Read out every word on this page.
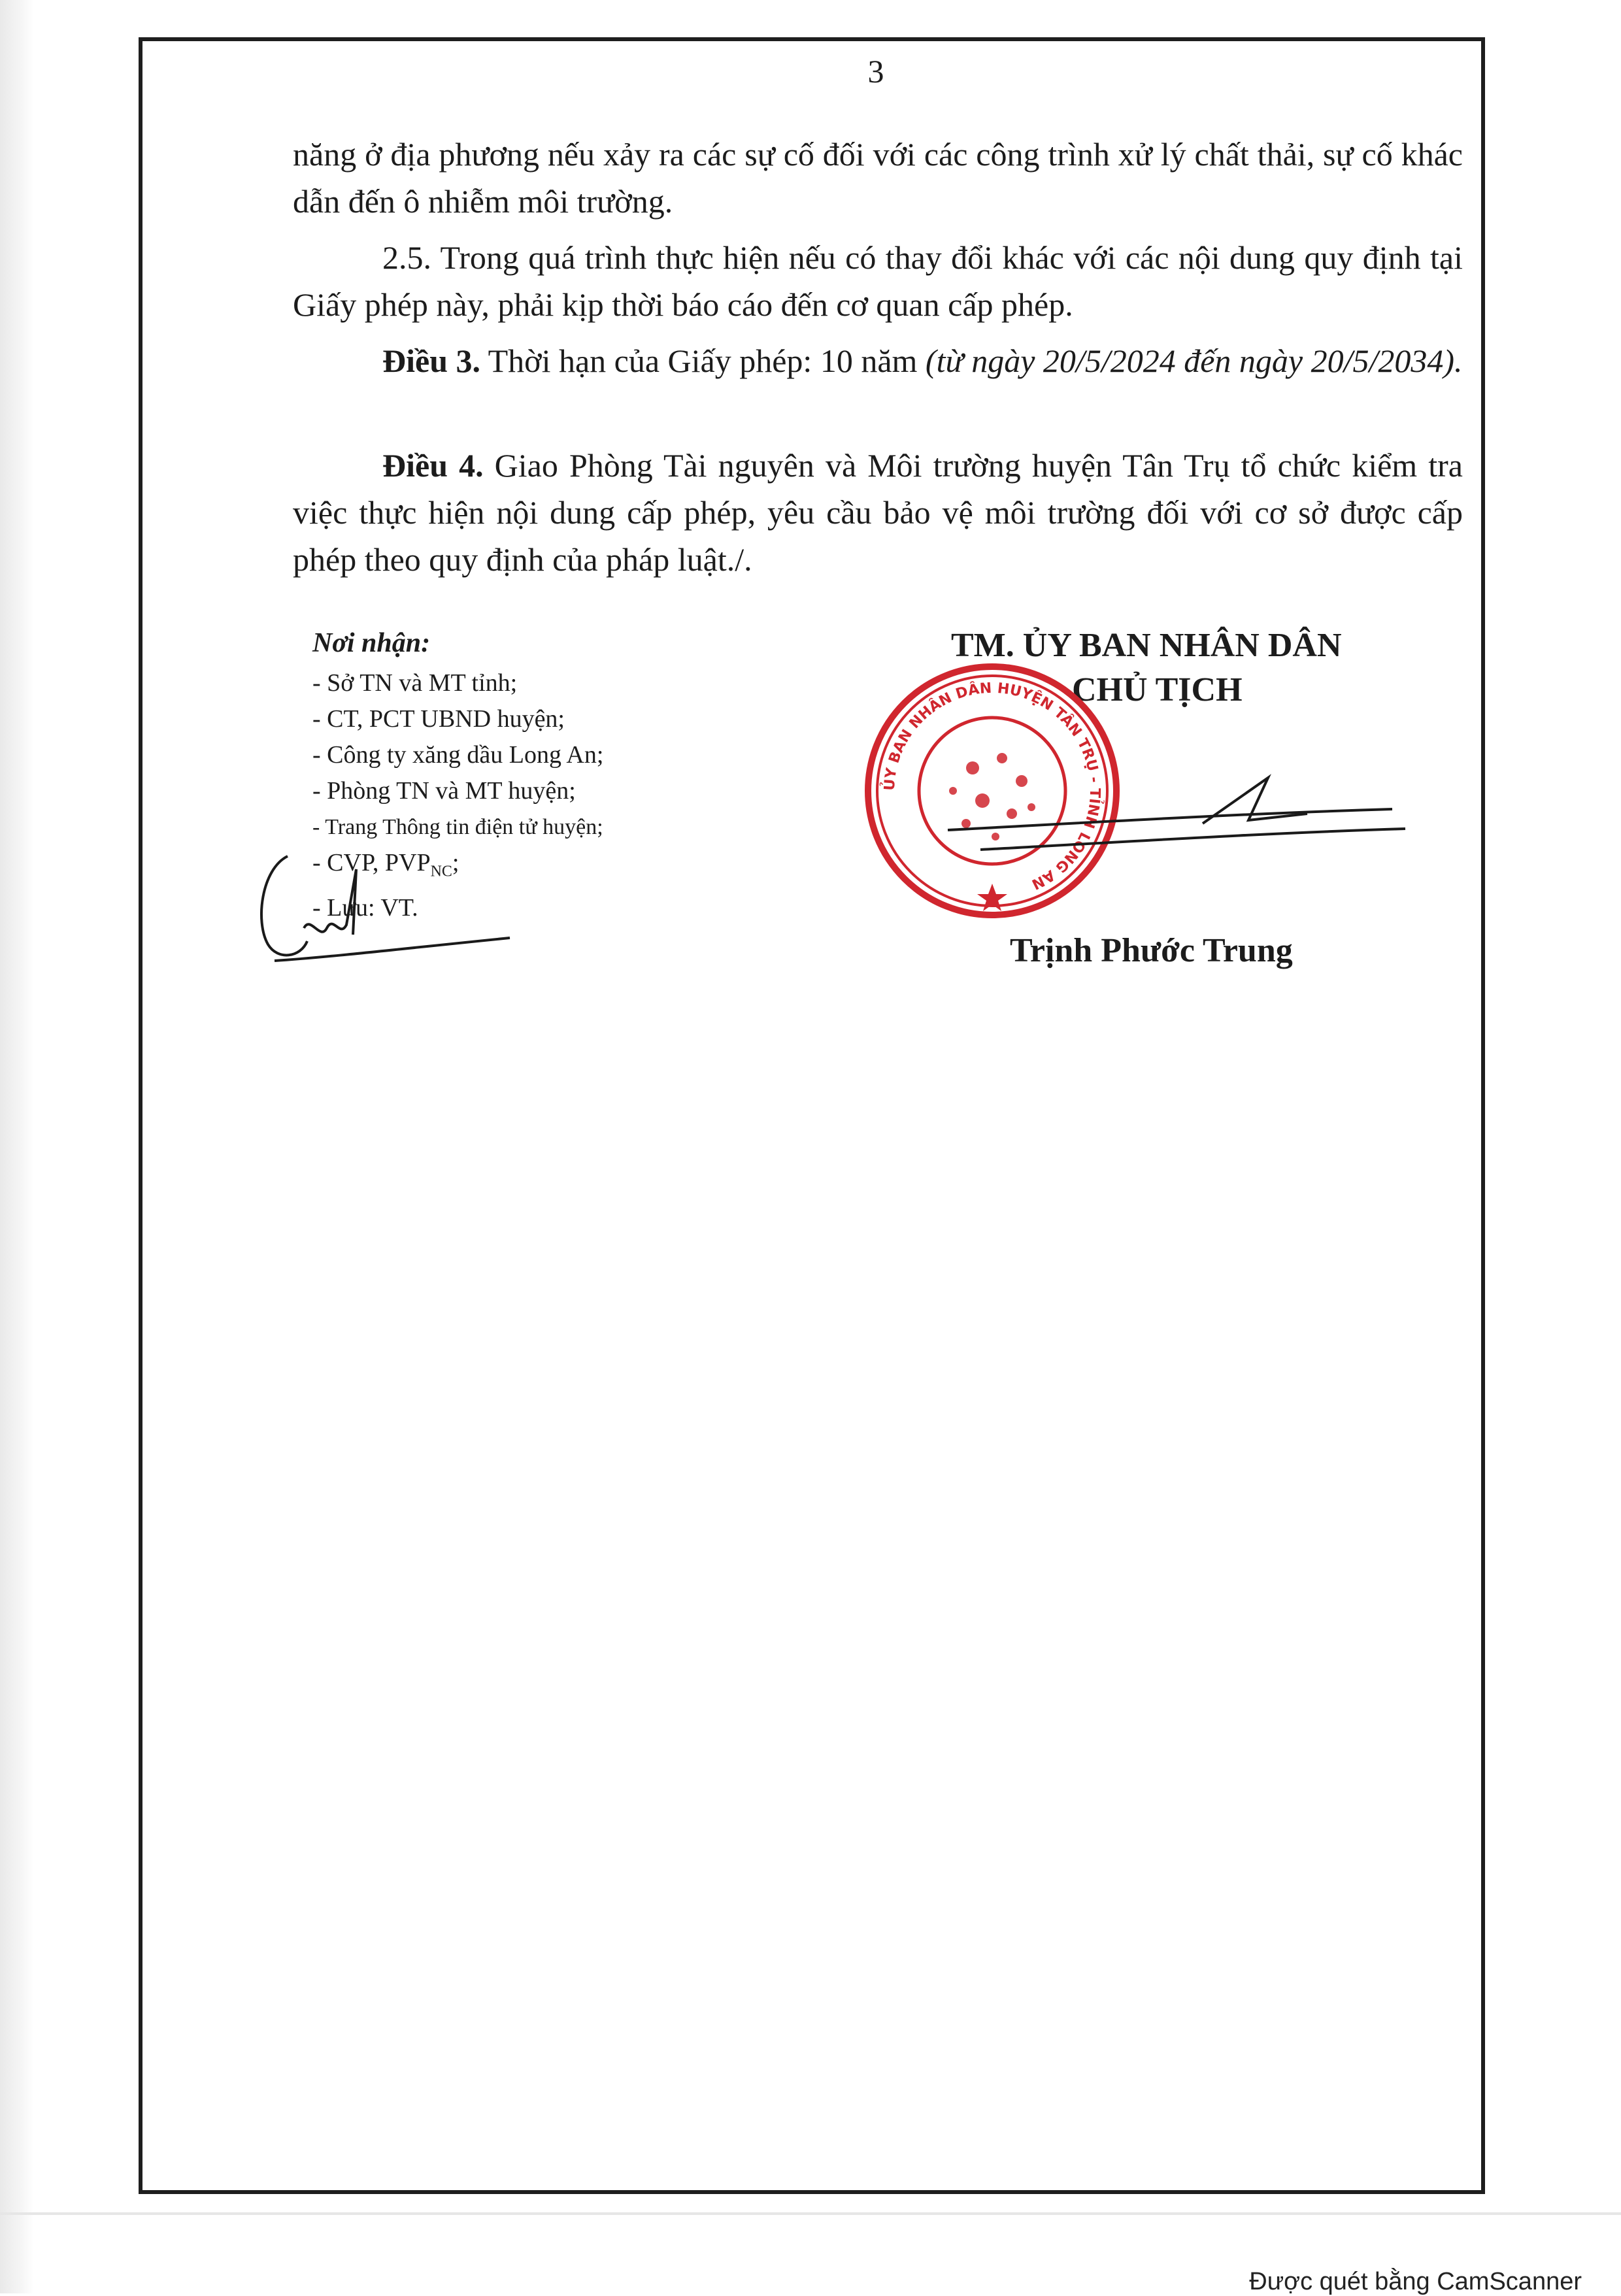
3
năng ở địa phương nếu xảy ra các sự cố đối với các công trình xử lý chất thải, sự cố khác dẫn đến ô nhiễm môi trường.
2.5. Trong quá trình thực hiện nếu có thay đổi khác với các nội dung quy định tại Giấy phép này, phải kịp thời báo cáo đến cơ quan cấp phép.
Điều 3. Thời hạn của Giấy phép: 10 năm (từ ngày 20/5/2024 đến ngày 20/5/2034).
Điều 4. Giao Phòng Tài nguyên và Môi trường huyện Tân Trụ tổ chức kiểm tra việc thực hiện nội dung cấp phép, yêu cầu bảo vệ môi trường đối với cơ sở được cấp phép theo quy định của pháp luật./.
Nơi nhận:
- Sở TN và MT tỉnh;
- CT, PCT UBND huyện;
- Công ty xăng dầu Long An;
- Phòng TN và MT huyện;
- Trang Thông tin điện tử huyện;
- CVP, $PVP_{NC}$;
- Lưu: VT.
TM. ỦY BAN NHÂN DÂN
CHỦ TỊCH
ỦY BAN NHÂN DÂN HUYỆN TÂN TRỤ - TỈNH LONG AN
Trịnh Phước Trung
Được quét bằng CamScanner
